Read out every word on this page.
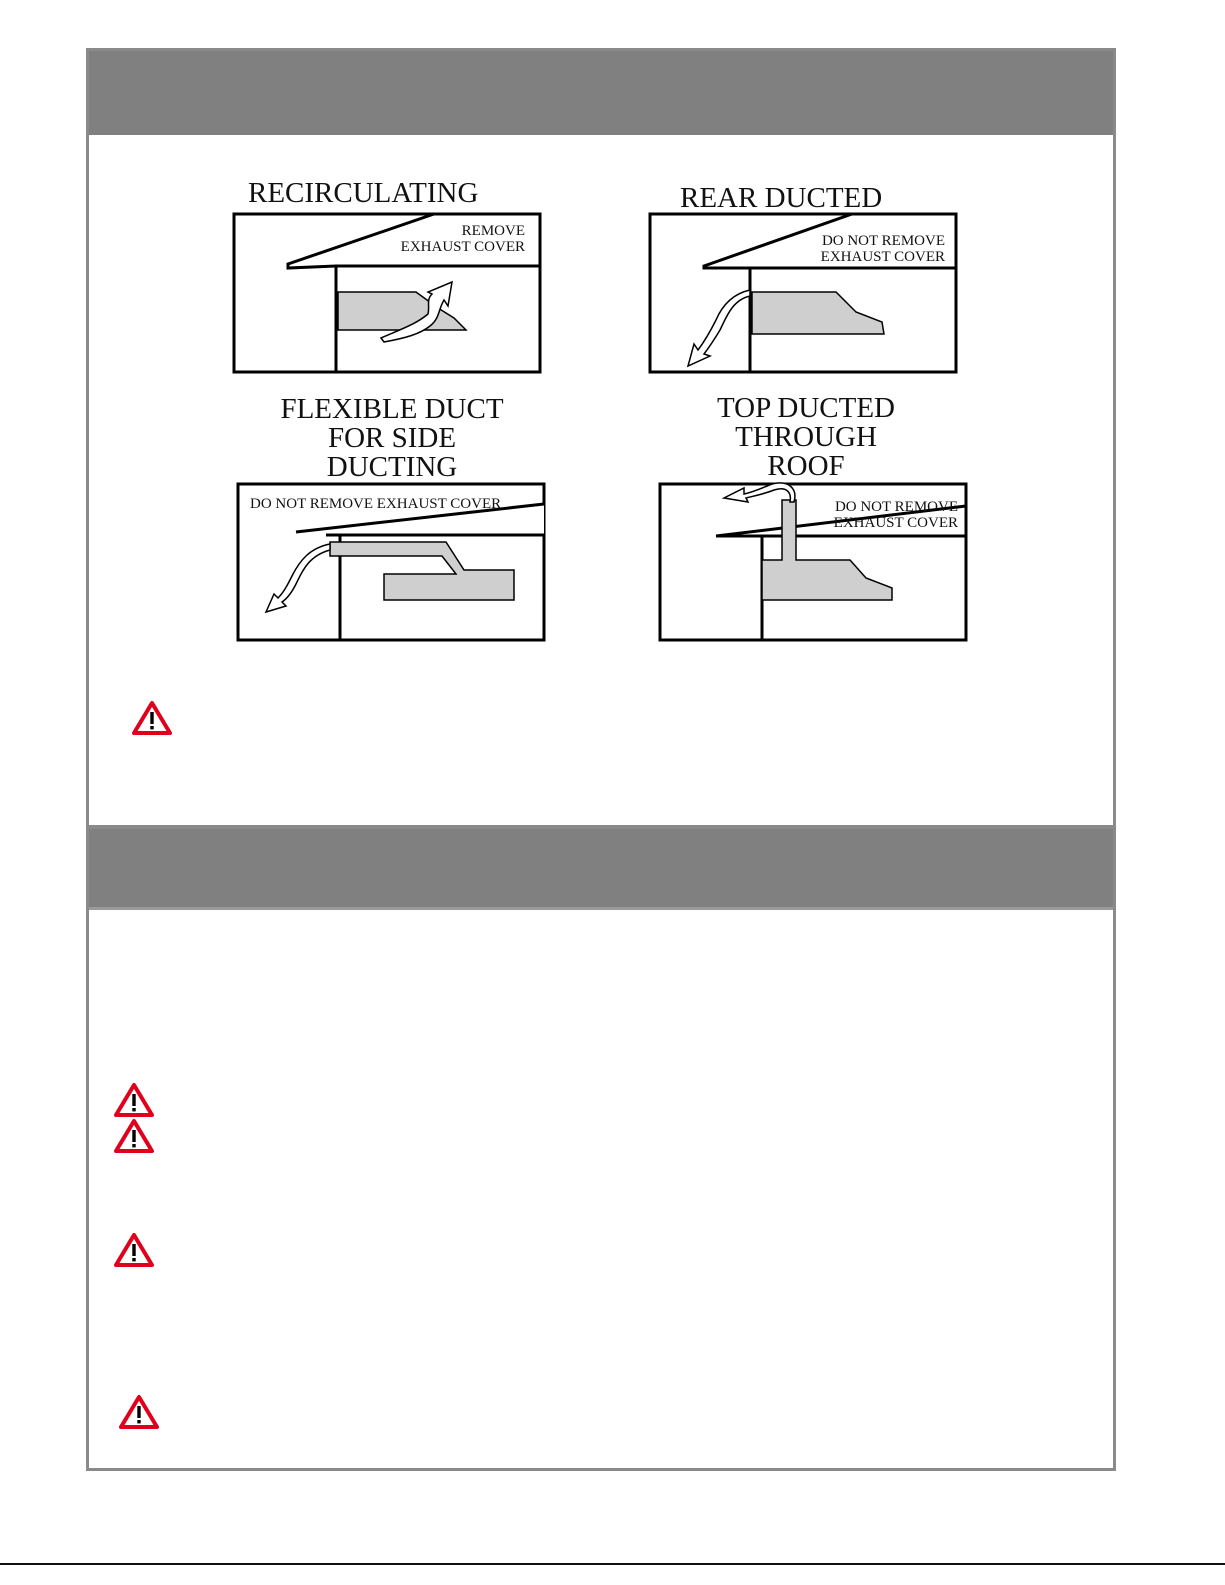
RECIRCULATING
REMOVE
EXHAUST COVER
REAR DUCTED
DO NOT REMOVE
EXHAUST COVER
FLEXIBLE DUCT
FOR SIDE
DUCTING
DO NOT REMOVE EXHAUST COVER
TOP DUCTED
THROUGH
ROOF
DO NOT REMOVE
EXHAUST COVER
